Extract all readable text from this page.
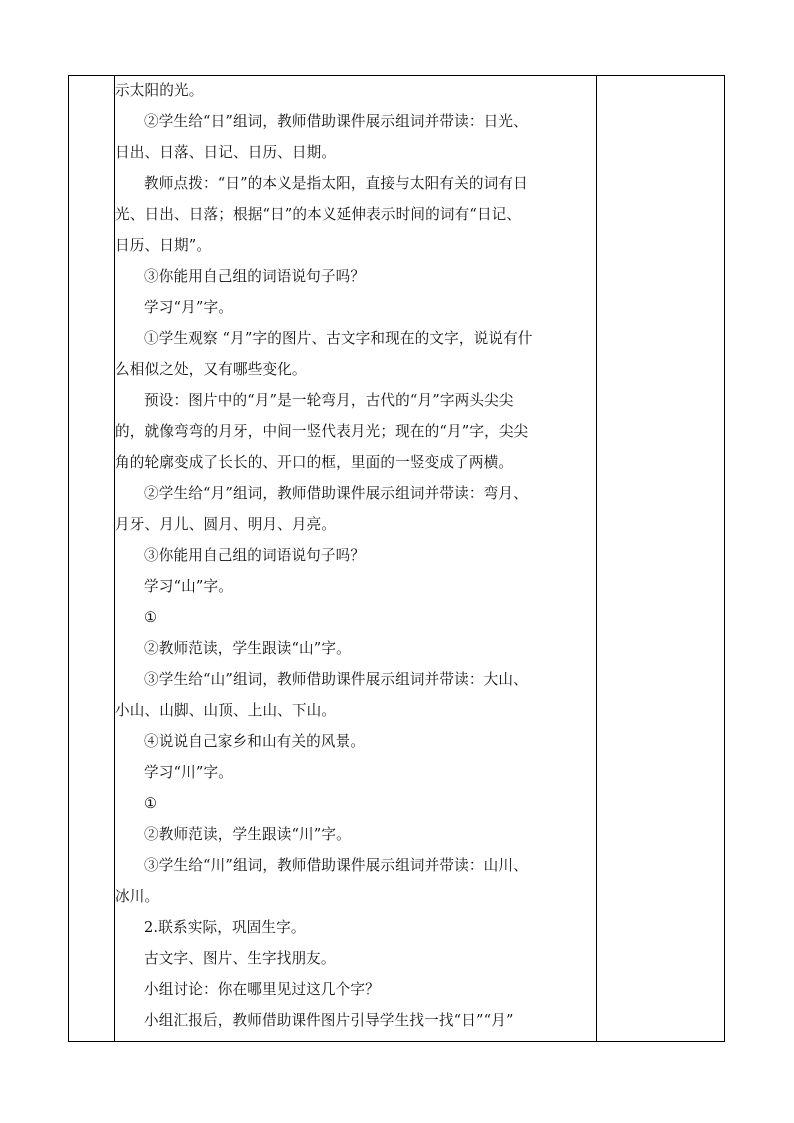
示太阳的光。

②学生给“日”组词，教师借助课件展示组词并带读：日光、

日出、日落、日记、日历、日期。

教师点拨：“日”的本义是指太阳，直接与太阳有关的词有日

光、日出、日落；根据“日”的本义延伸表示时间的词有“日记、

日历、日期”。

③你能用自己组的词语说句子吗？

学习“月”字。

①学生观察 “月”字的图片、古文字和现在的文字，说说有什

么相似之处，又有哪些变化。

预设：图片中的“月”是一轮弯月，古代的“月”字两头尖尖

的，就像弯弯的月牙，中间一竖代表月光；现在的“月”字，尖尖

角的轮廓变成了长长的、开口的框，里面的一竖变成了两横。

②学生给“月”组词，教师借助课件展示组词并带读：弯月、

月牙、月儿、圆月、明月、月亮。

③你能用自己组的词语说句子吗？

学习“山”字。

①

②教师范读，学生跟读“山”字。

③学生给“山”组词，教师借助课件展示组词并带读：大山、

小山、山脚、山顶、上山、下山。

④说说自己家乡和山有关的风景。

学习“川”字。

①

②教师范读，学生跟读“川”字。

③学生给“川”组词，教师借助课件展示组词并带读：山川、

冰川。

2.联系实际，巩固生字。

古文字、图片、生字找朋友。

小组讨论：你在哪里见过这几个字？

小组汇报后，教师借助课件图片引导学生找一找“日”“月”
